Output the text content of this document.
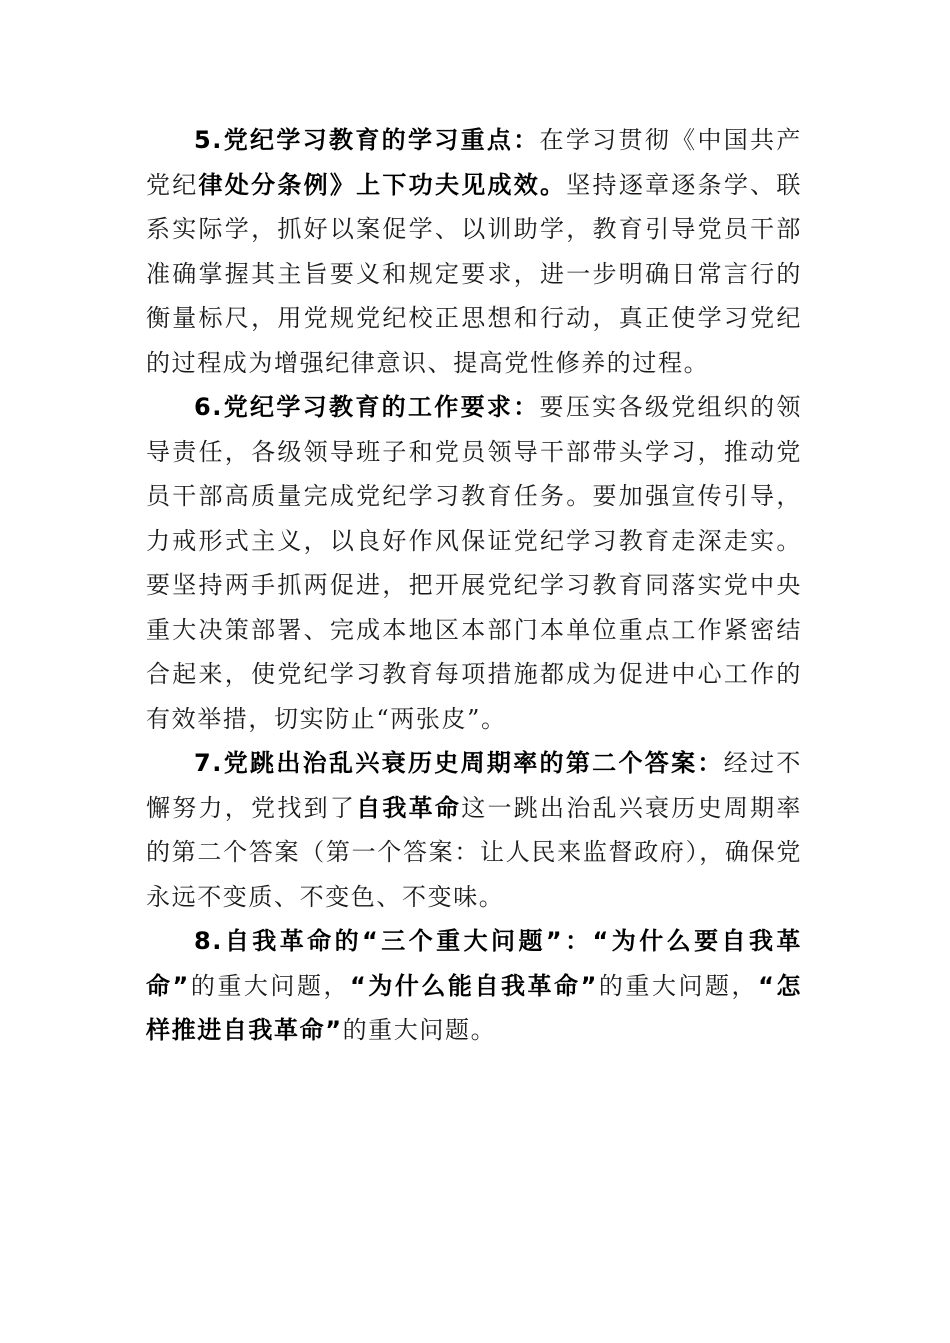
5.党纪学习教育的学习重点：在学习贯彻《中国共产党纪律处分条例》上下功夫见成效。坚持逐章逐条学、联系实际学，抓好以案促学、以训助学，教育引导党员干部准确掌握其主旨要义和规定要求，进一步明确日常言行的衡量标尺，用党规党纪校正思想和行动，真正使学习党纪的过程成为增强纪律意识、提高党性修养的过程。

6.党纪学习教育的工作要求：要压实各级党组织的领导责任，各级领导班子和党员领导干部带头学习，推动党员干部高质量完成党纪学习教育任务。要加强宣传引导，力戒形式主义，以良好作风保证党纪学习教育走深走实。要坚持两手抓两促进，把开展党纪学习教育同落实党中央重大决策部署、完成本地区本部门本单位重点工作紧密结合起来，使党纪学习教育每项措施都成为促进中心工作的有效举措，切实防止“两张皮”。

7.党跳出治乱兴衰历史周期率的第二个答案：经过不懈努力，党找到了自我革命这一跳出治乱兴衰历史周期率的第二个答案（第一个答案：让人民来监督政府），确保党永远不变质、不变色、不变味。

8.自我革命的“三个重大问题”：“为什么要自我革命”的重大问题，“为什么能自我革命”的重大问题，“怎样推进自我革命”的重大问题。
